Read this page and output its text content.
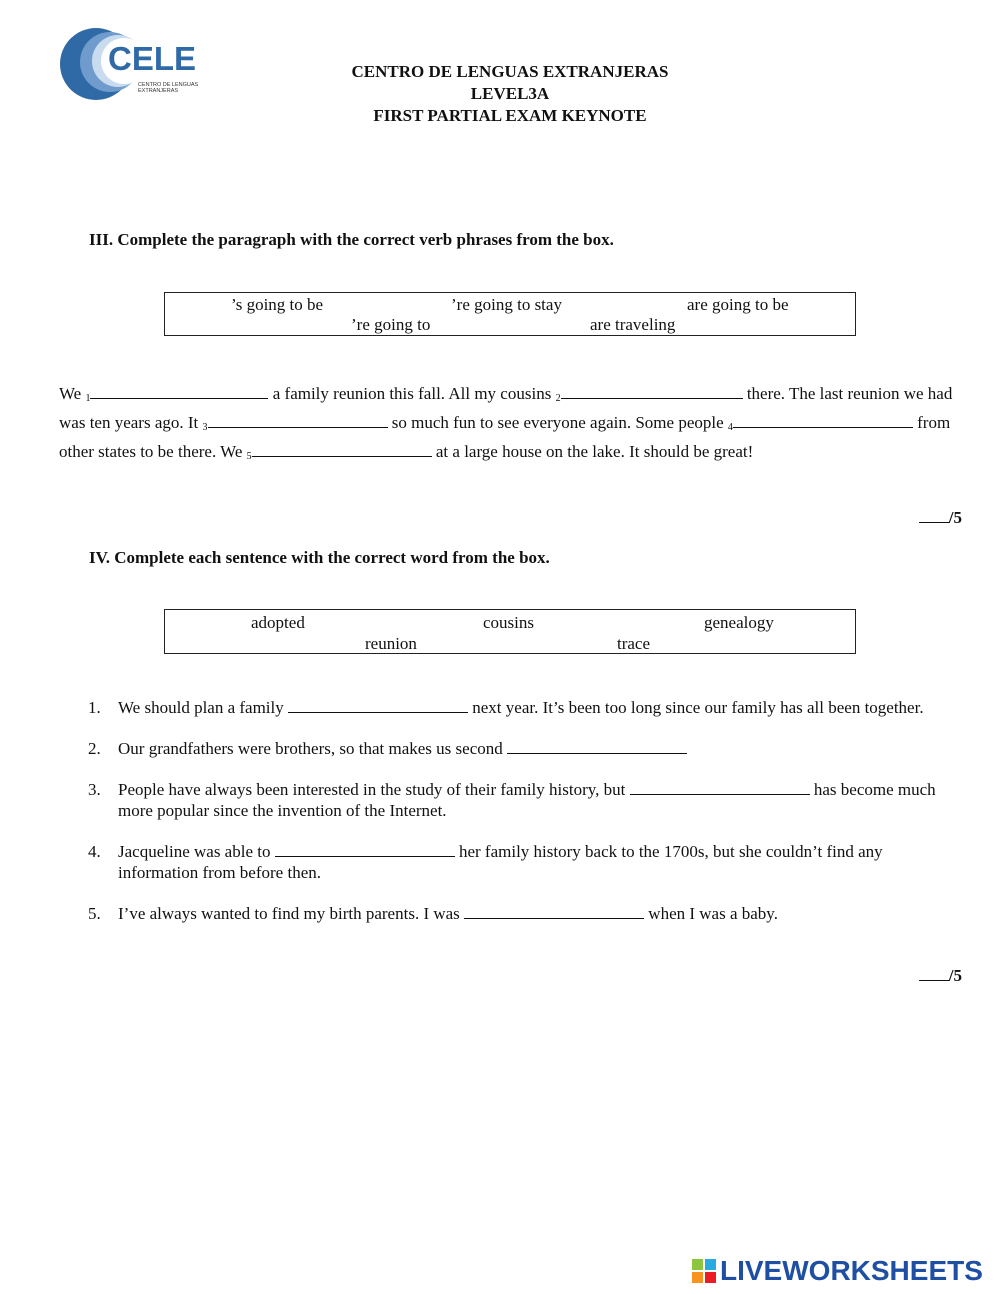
CELE
CENTRO DE LENGUAS EXTRANJERAS
CENTRO DE LENGUAS EXTRANJERAS
LEVEL3A
FIRST PARTIAL EXAM KEYNOTE
III. Complete the paragraph with the correct verb phrases from the box.
’s going to be	’re going to stay	are going to be
’re going to	are traveling
We 1	a family reunion this fall. All my cousins 2	there. The last reunion we had was ten years ago. It 3	so much fun to see everyone again. Some people 4	from other states to be there. We 5	at a large house on the lake. It should be great!
/5
IV. Complete each sentence with the correct word from the box.
adopted	cousins	genealogy
reunion	trace
1. We should plan a family	next year. It’s been too long since our family has all been together.
2. Our grandfathers were brothers, so that makes us second
3. People have always been interested in the study of their family history, but	has become much more popular since the invention of the Internet.
4. Jacqueline was able to	her family history back to the 1700s, but she couldn’t find any information from before then.
5. I’ve always wanted to find my birth parents. I was	when I was a baby.
/5
LIVEWORKSHEETS
